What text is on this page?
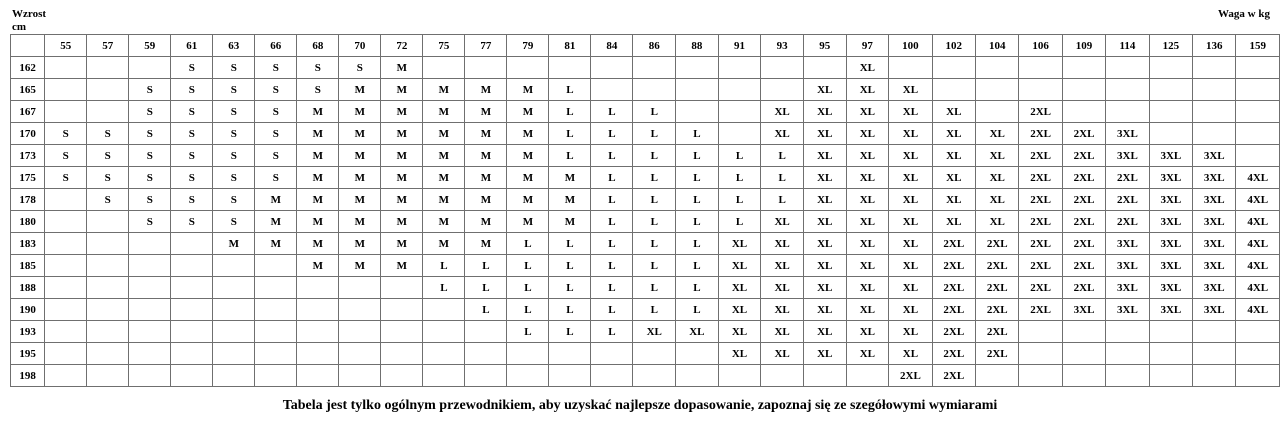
Wzrost
cm
Waga w kg
	55	57	59	61	63	66	68	70	72	75	77	79	81	84	86	88	91	93	95	97	100	102	104	106	109	114	125	136	159
162				S	S	S	S	S	M											XL									
165			S	S	S	S	S	M	M	M	M	M	L						XL	XL	XL								
167			S	S	S	S	M	M	M	M	M	M	L	L	L			XL	XL	XL	XL	XL		2XL					
170	S	S	S	S	S	S	M	M	M	M	M	M	L	L	L	L		XL	XL	XL	XL	XL	XL	2XL	2XL	3XL			
173	S	S	S	S	S	S	M	M	M	M	M	M	L	L	L	L	L	L	XL	XL	XL	XL	XL	2XL	2XL	3XL	3XL	3XL	
175	S	S	S	S	S	S	M	M	M	M	M	M	M	L	L	L	L	L	XL	XL	XL	XL	XL	2XL	2XL	2XL	3XL	3XL	4XL
178		S	S	S	S	M	M	M	M	M	M	M	M	L	L	L	L	L	XL	XL	XL	XL	XL	2XL	2XL	2XL	3XL	3XL	4XL
180			S	S	S	M	M	M	M	M	M	M	M	L	L	L	L	XL	XL	XL	XL	XL	XL	2XL	2XL	2XL	3XL	3XL	4XL
183					M	M	M	M	M	M	M	L	L	L	L	L	XL	XL	XL	XL	XL	2XL	2XL	2XL	2XL	3XL	3XL	3XL	4XL
185							M	M	M	L	L	L	L	L	L	L	XL	XL	XL	XL	XL	2XL	2XL	2XL	2XL	3XL	3XL	3XL	4XL
188										L	L	L	L	L	L	L	XL	XL	XL	XL	XL	2XL	2XL	2XL	2XL	3XL	3XL	3XL	4XL
190											L	L	L	L	L	L	XL	XL	XL	XL	XL	2XL	2XL	2XL	3XL	3XL	3XL	3XL	4XL
193												L	L	L	XL	XL	XL	XL	XL	XL	XL	2XL	2XL						
195																	XL	XL	XL	XL	XL	2XL	2XL						
198																					2XL	2XL							
Tabela jest tylko ogólnym przewodnikiem, aby uzyskać najlepsze dopasowanie, zapoznaj się ze szegółowymi wymiarami
